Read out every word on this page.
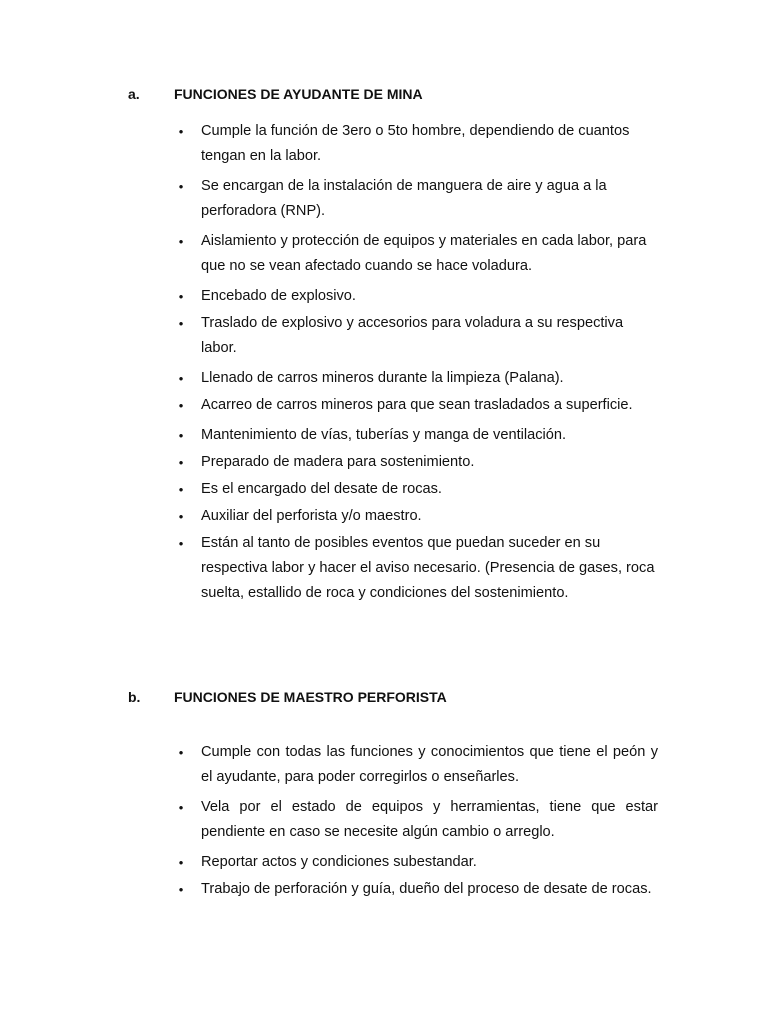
a. FUNCIONES DE AYUDANTE DE MINA
• Cumple la función de 3ero o 5to hombre, dependiendo de cuantos tengan en la labor.
• Se encargan de la instalación de manguera de aire y agua a la perforadora (RNP).
• Aislamiento y protección de equipos y materiales en cada labor, para que no se vean afectado cuando se hace voladura.
• Encebado de explosivo.
• Traslado de explosivo y accesorios para voladura a su respectiva labor.
• Llenado de carros mineros durante la limpieza (Palana).
• Acarreo de carros mineros para que sean trasladados a superficie.
• Mantenimiento de vías, tuberías y manga de ventilación.
• Preparado de madera para sostenimiento.
• Es el encargado del desate de rocas.
• Auxiliar del perforista y/o maestro.
• Están al tanto de posibles eventos que puedan suceder en su respectiva labor y hacer el aviso necesario. (Presencia de gases, roca suelta, estallido de roca y condiciones del sostenimiento.
b. FUNCIONES DE MAESTRO PERFORISTA
• Cumple con todas las funciones y conocimientos que tiene el peón y el ayudante, para poder corregirlos o enseñarles.
• Vela por el estado de equipos y herramientas, tiene que estar pendiente en caso se necesite algún cambio o arreglo.
• Reportar actos y condiciones subestandar.
• Trabajo de perforación y guía, dueño del proceso de desate de rocas.
